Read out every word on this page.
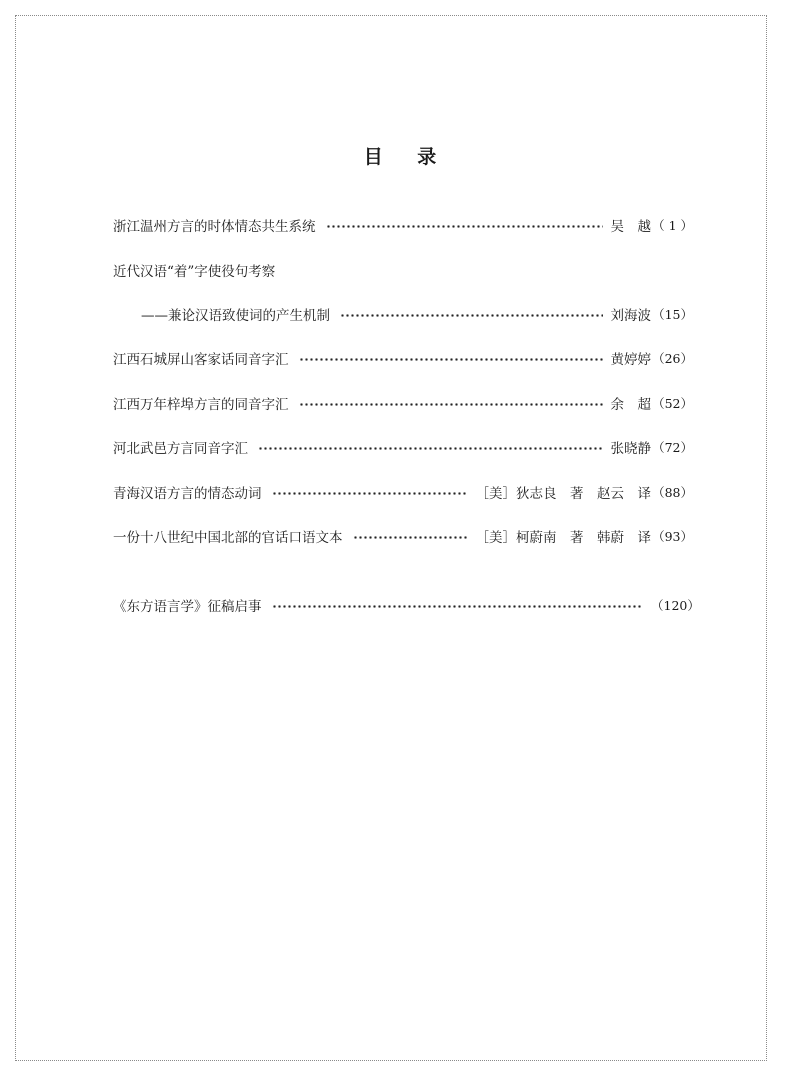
目 录
浙江温州方言的时体情态共生系统	吴　越 （ 1 ）
近代汉语“着”字使役句考察
——兼论汉语致使词的产生机制	刘海波 （15）
江西石城屏山客家话同音字汇	黄婷婷 （26）
江西万年梓埠方言的同音字汇	余　超 （52）
河北武邑方言同音字汇	张晓静 （72）
青海汉语方言的情态动词	［美］狄志良　著　赵云　译 （88）
一份十八世纪中国北部的官话口语文本	［美］柯蔚南　著　韩蔚　译 （93）
《东方语言学》征稿启事	（120）
